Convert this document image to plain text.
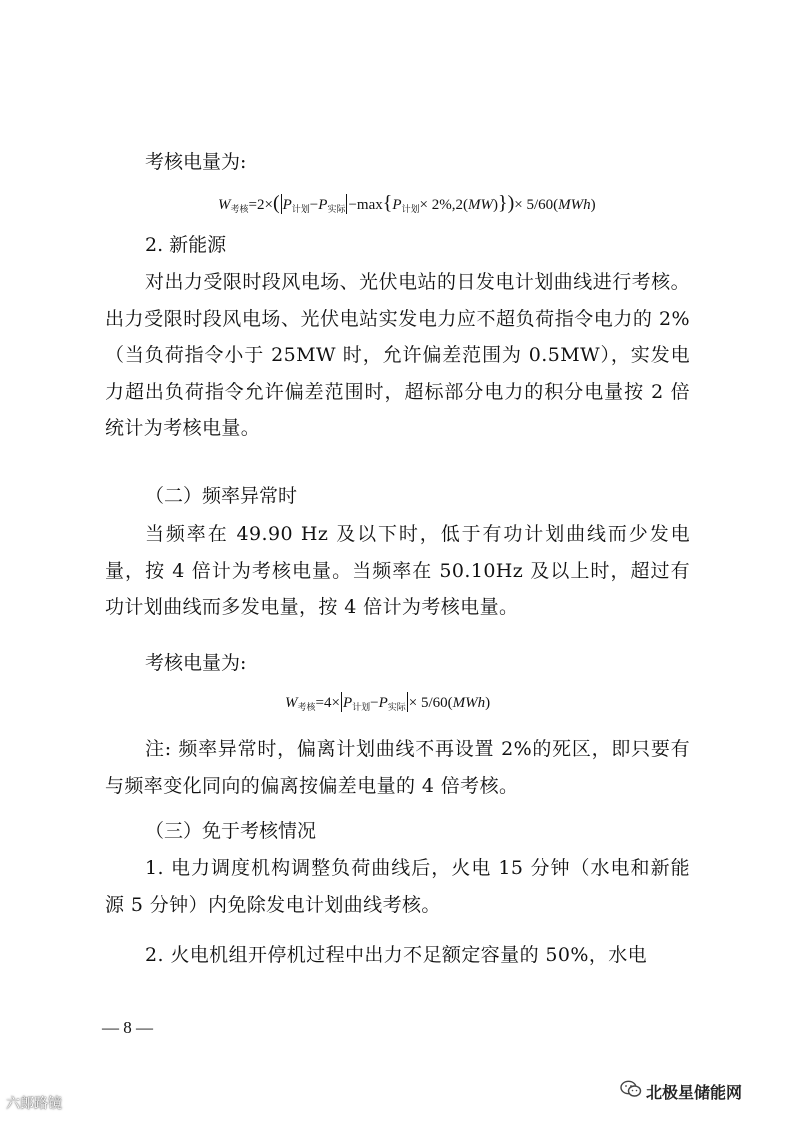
考核电量为:
$W_{考核}=2\times$( $P_{计划}-P_{实际} -\max\{P_{计划}\times 2\%,2(MW)\})\times 5/60(MWh)$
2. 新能源

对出力受限时段风电场、光伏电站的日发电计划曲线进行考核。出力受限时段风电场、光伏电站实发电力应不超负荷指令电力的 2%（当负荷指令小于 25MW 时，允许偏差范围为 0.5MW），实发电力超出负荷指令允许偏差范围时，超标部分电力的积分电量按 2 倍统计为考核电量。

（二）频率异常时

当频率在 49.90 Hz 及以下时，低于有功计划曲线而少发电量，按 4 倍计为考核电量。当频率在 50.10Hz 及以上时，超过有功计划曲线而多发电量，按 4 倍计为考核电量。

考核电量为:
$W_{考核}=4\times P_{计划}-P_{实际} \times 5/60(MWh)$

注: 频率异常时，偏离计划曲线不再设置 2%的死区，即只要有与频率变化同向的偏离按偏差电量的 4 倍考核。

（三）免于考核情况

1. 电力调度机构调整负荷曲线后，火电 15 分钟（水电和新能源 5 分钟）内免除发电计划曲线考核。

2. 火电机组开停机过程中出力不足额定容量的 50%，水电

— 8 —
六郎路镜
北极星储能网
